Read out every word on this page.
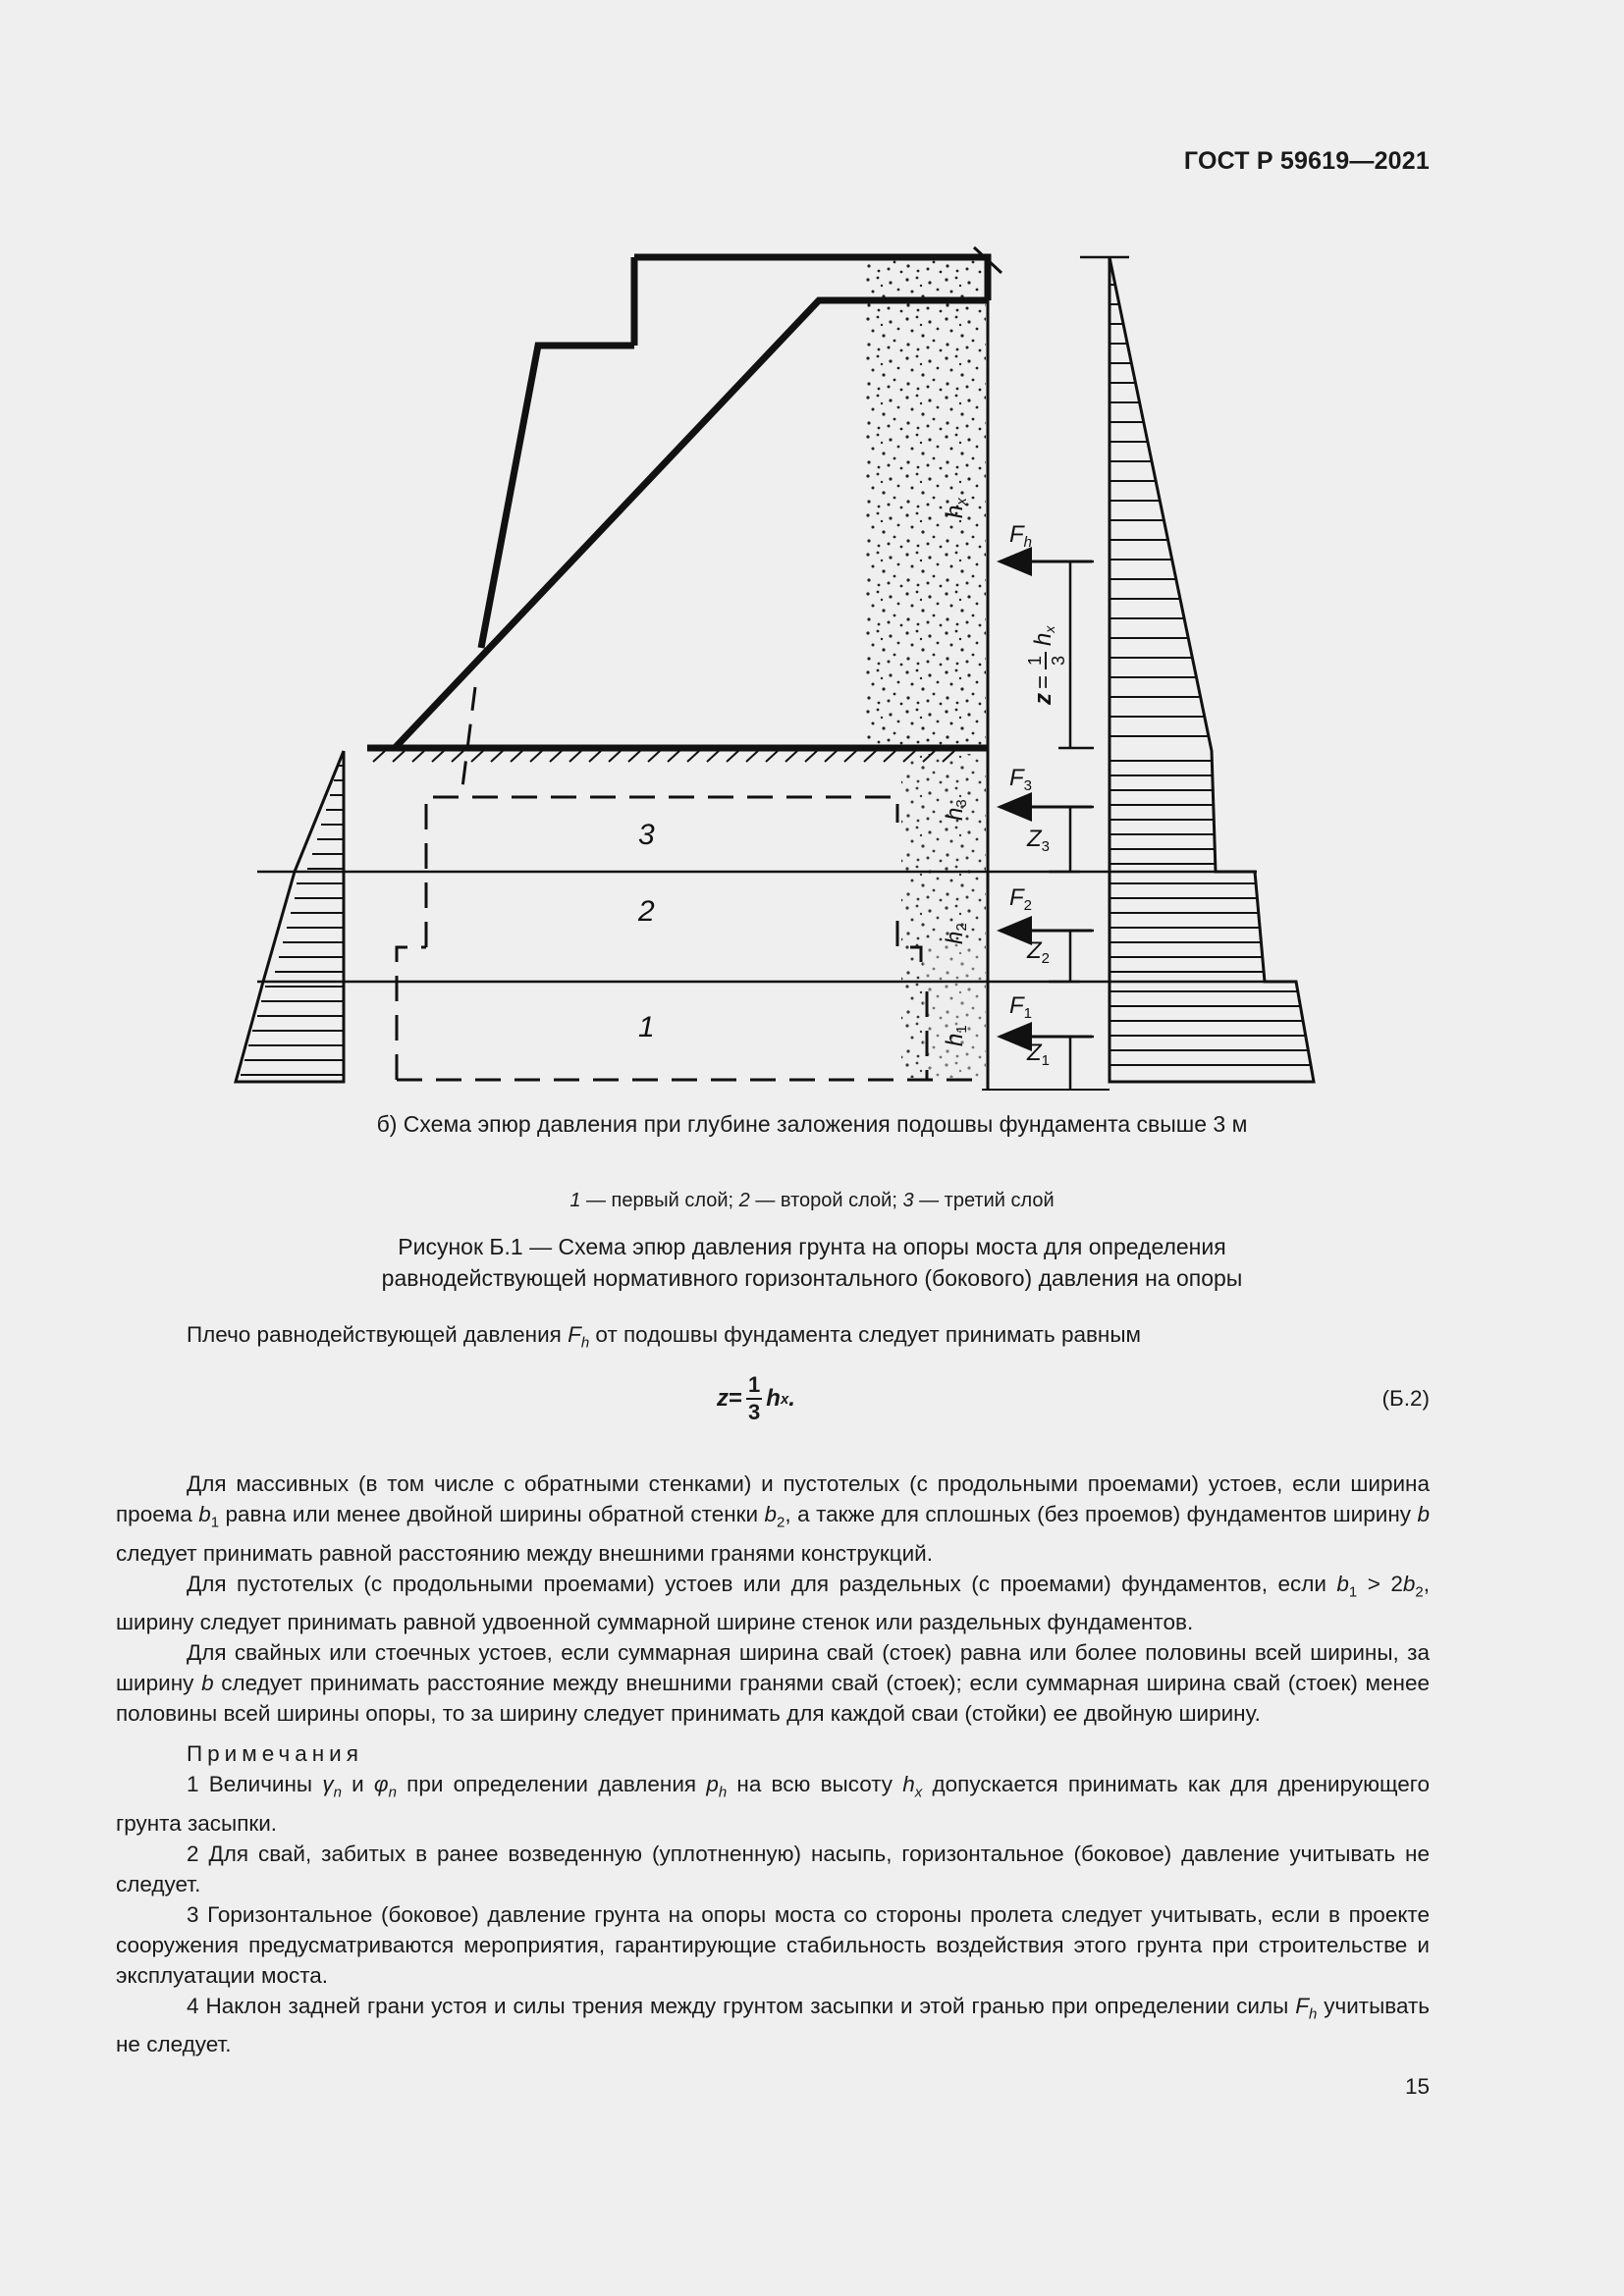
ГОСТ Р 59619—2021
hx
$F_h$
$F_3$
$F_2$
$F_1$
$Z_3$
$Z_2$
$Z_1$
h3
h2
h1
3
2
1
z
=
1 3
hx
б) Схема эпюр давления при глубине заложения подошвы фундамента свыше 3 м
1 — первый слой; 2 — второй слой; 3 — третий слой
Рисунок Б.1 — Схема эпюр давления грунта на опоры моста для определения
равнодействующей нормативного горизонтального (бокового) давления на опоры
Плечо равнодействующей давления $F_h$ от подошвы фундамента следует принимать равным
$z = \frac{1}{3}$ h x .	(Б.2)
Для массивных (в том числе с обратными стенками) и пустотелых (с продольными проемами) устоев, если ширина проема $b_1$ равна или менее двойной ширины обратной стенки $b_2$, а также для сплошных (без проемов) фундаментов ширину b следует принимать равной расстоянию между внешними гранями конструкций.
Для пустотелых (с продольными проемами) устоев или для раздельных (с проемами) фундаментов, если $b_1 > 2b_2$, ширину следует принимать равной удвоенной суммарной ширине стенок или раздельных фундаментов.
Для свайных или стоечных устоев, если суммарная ширина свай (стоек) равна или более половины всей ширины, за ширину b следует принимать расстояние между внешними гранями свай (стоек); если суммарная ширина свай (стоек) менее половины всей ширины опоры, то за ширину следует принимать для каждой сваи (стойки) ее двойную ширину.
Примечания
1 Величины $\gamma_n$ и $\varphi_n$ при определении давления $p_h$ на всю высоту $h_x$ допускается принимать как для дренирующего грунта засыпки.
2 Для свай, забитых в ранее возведенную (уплотненную) насыпь, горизонтальное (боковое) давление учитывать не следует.
3 Горизонтальное (боковое) давление грунта на опоры моста со стороны пролета следует учитывать, если в проекте сооружения предусматриваются мероприятия, гарантирующие стабильность воздействия этого грунта при строительстве и эксплуатации моста.
4 Наклон задней грани устоя и силы трения между грунтом засыпки и этой гранью при определении силы $F_h$ учитывать не следует.
15
